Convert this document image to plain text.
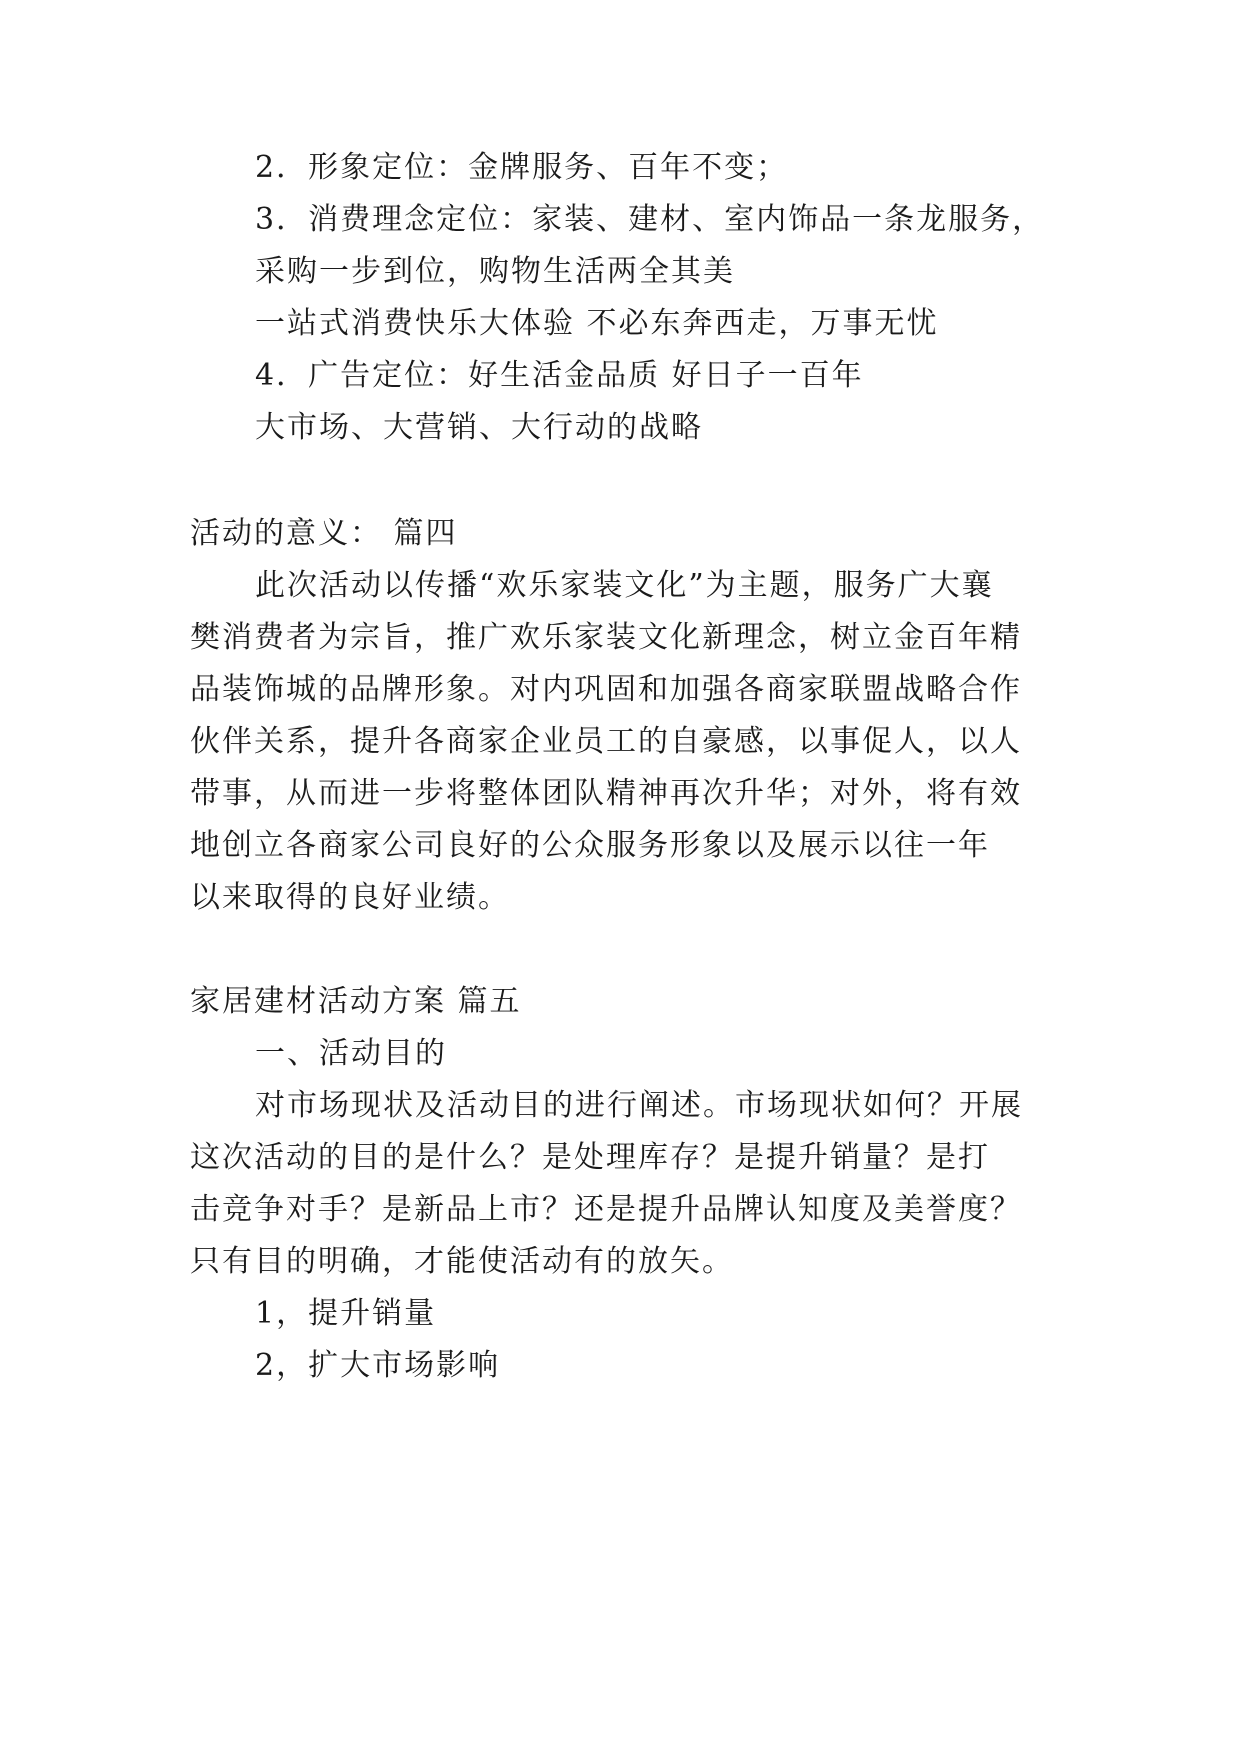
2．形象定位：金牌服务、百年不变；
3．消费理念定位：家装、建材、室内饰品一条龙服务，
采购一步到位，购物生活两全其美
一站式消费快乐大体验 不必东奔西走，万事无忧
4．广告定位：好生活金品质 好日子一百年
大市场、大营销、大行动的战略
活动的意义： 篇四
此次活动以传播“欢乐家装文化”为主题，服务广大襄
樊消费者为宗旨，推广欢乐家装文化新理念，树立金百年精
品装饰城的品牌形象。对内巩固和加强各商家联盟战略合作
伙伴关系，提升各商家企业员工的自豪感，以事促人，以人
带事，从而进一步将整体团队精神再次升华；对外，将有效
地创立各商家公司良好的公众服务形象以及展示以往一年
以来取得的良好业绩。
家居建材活动方案 篇五
一、活动目的
对市场现状及活动目的进行阐述。市场现状如何？开展
这次活动的目的是什么？是处理库存？是提升销量？是打
击竞争对手？是新品上市？还是提升品牌认知度及美誉度？
只有目的明确，才能使活动有的放矢。
1，提升销量
2，扩大市场影响
